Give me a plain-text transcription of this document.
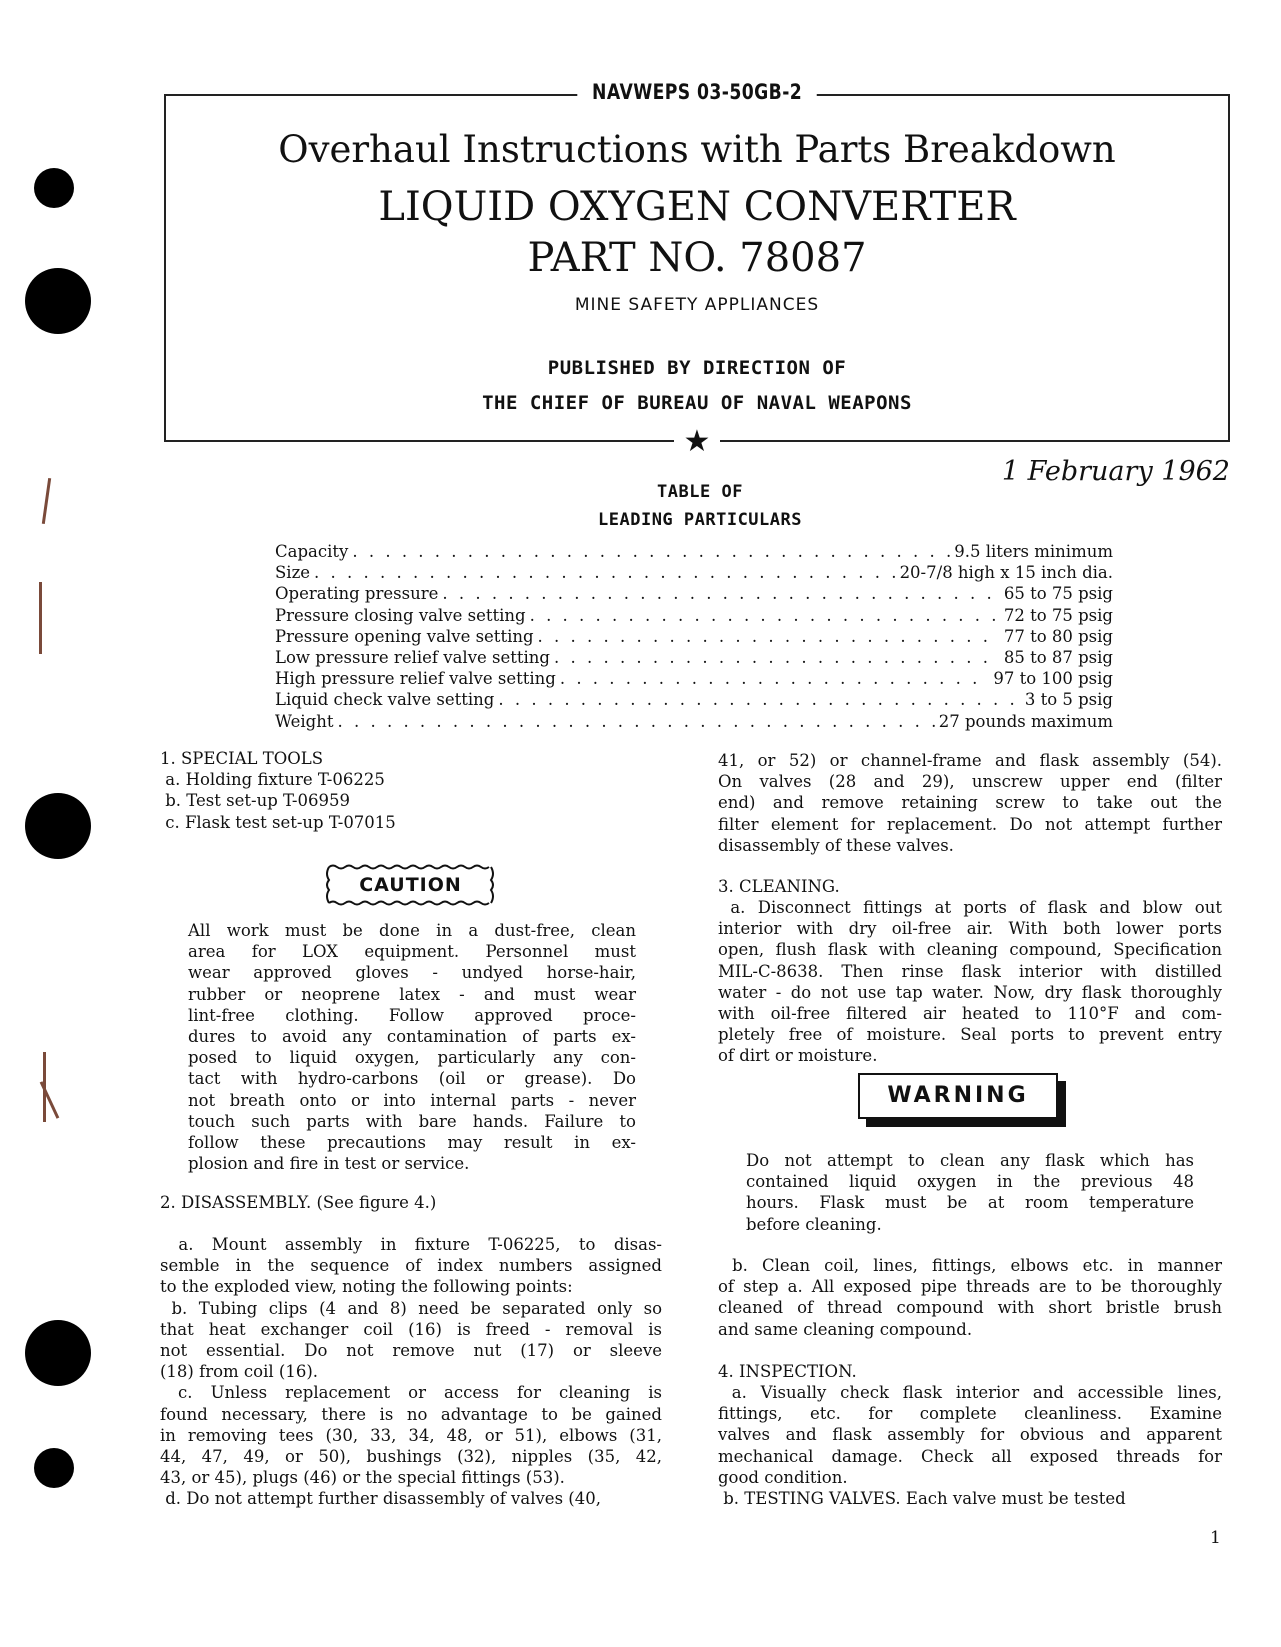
NAVWEPS 03-50GB-2
Overhaul Instructions with Parts Breakdown
LIQUID OXYGEN CONVERTER
PART NO. 78087
MINE SAFETY APPLIANCES
PUBLISHED BY DIRECTION OF
THE CHIEF OF BUREAU OF NAVAL WEAPONS
★
1 February 1962
TABLE OF
LEADING PARTICULARS
Capacity . . .	9.5 liters minimum
Size . . .	20-7/8 high x 15 inch dia.
Operating pressure . . .	65 to 75 psig
Pressure closing valve setting . . .	72 to 75 psig
Pressure opening valve setting . . .	77 to 80 psig
Low pressure relief valve setting . . .	85 to 87 psig
High pressure relief valve setting . . .	97 to 100 psig
Liquid check valve setting . . .	3 to 5 psig
Weight . . .	27 pounds maximum

1. SPECIAL TOOLS

a. Holding fixture T-06225

b. Test set-up T-06959

c. Flask test set-up T-07015

CAUTION

All work must be done in a dust-free, clean

area for LOX equipment. Personnel must

wear approved gloves - undyed horse-hair,

rubber or neoprene latex - and must wear

lint-free clothing. Follow approved proce-

dures to avoid any contamination of parts ex-

posed to liquid oxygen, particularly any con-

tact with hydro-carbons (oil or grease). Do

not breath onto or into internal parts - never

touch such parts with bare hands. Failure to

follow these precautions may result in ex-

plosion and fire in test or service.

2. DISASSEMBLY. (See figure 4.)

a. Mount assembly in fixture T-06225, to disas-

semble in the sequence of index numbers assigned

to the exploded view, noting the following points:

b. Tubing clips (4 and 8) need be separated only so

that heat exchanger coil (16) is freed - removal is

not essential. Do not remove nut (17) or sleeve

(18) from coil (16).

c. Unless replacement or access for cleaning is

found necessary, there is no advantage to be gained

in removing tees (30, 33, 34, 48, or 51), elbows (31,

44, 47, 49, or 50), bushings (32), nipples (35, 42,

43, or 45), plugs (46) or the special fittings (53).

d. Do not attempt further disassembly of valves (40,

41, or 52) or channel-frame and flask assembly (54).

On valves (28 and 29), unscrew upper end (filter

end) and remove retaining screw to take out the

filter element for replacement. Do not attempt further

disassembly of these valves.

3. CLEANING.

a. Disconnect fittings at ports of flask and blow out

interior with dry oil-free air. With both lower ports

open, flush flask with cleaning compound, Specification

MIL-C-8638. Then rinse flask interior with distilled

water - do not use tap water. Now, dry flask thoroughly

with oil-free filtered air heated to 110°F and com-

pletely free of moisture. Seal ports to prevent entry

of dirt or moisture.

WARNING

Do not attempt to clean any flask which has

contained liquid oxygen in the previous 48

hours. Flask must be at room temperature

before cleaning.

b. Clean coil, lines, fittings, elbows etc. in manner

of step a. All exposed pipe threads are to be thoroughly

cleaned of thread compound with short bristle brush

and same cleaning compound.

4. INSPECTION.

a. Visually check flask interior and accessible lines,

fittings, etc. for complete cleanliness. Examine

valves and flask assembly for obvious and apparent

mechanical damage. Check all exposed threads for

good condition.

b. TESTING VALVES. Each valve must be tested

1
